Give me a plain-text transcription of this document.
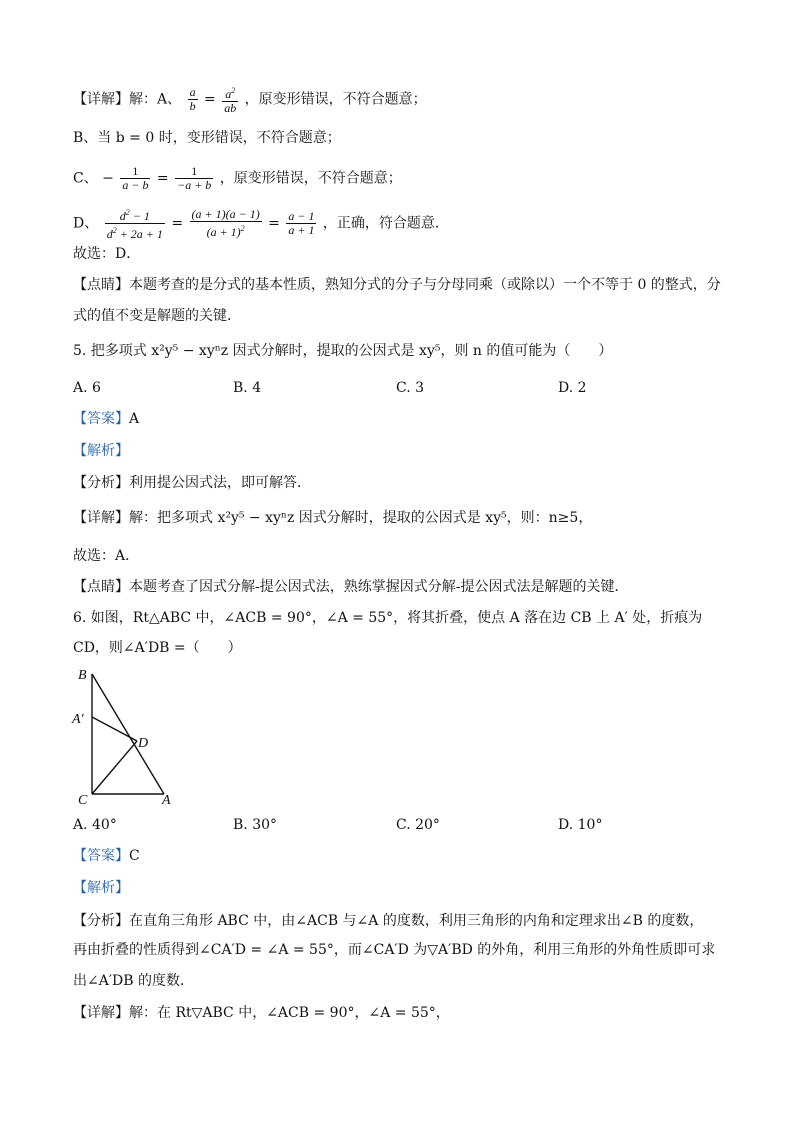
【详解】解：A、 $\frac{a}{b} = \frac{a^2}{ab}$ ，原变形错误，不符合题意；
B、当 b = 0 时，变形错误，不符合题意；
C、 − $\frac{1}{a - b} = \frac{1}{-a + b}$ ，原变形错误，不符合题意；
D、 $\frac{d^2 - 1}{d^2 + 2a + 1} = \frac{(a + 1)(a - 1)}{(a + 1)^2} = \frac{a - 1}{a + 1}$ ，正确，符合题意．
故选：D．
【点睛】本题考查的是分式的基本性质，熟知分式的分子与分母同乘（或除以）一个不等于 0 的整式，分
式的值不变是解题的关键．
5. 把多项式 x²y⁵ − xyⁿz 因式分解时，提取的公因式是 xy⁵，则 n 的值可能为（　　）
A. 6	B. 4	C. 3	D. 2
【答案】A
【解析】
【分析】利用提公因式法，即可解答．
【详解】解：把多项式 x²y⁵ − xyⁿz 因式分解时，提取的公因式是 xy⁵，则：n≥5，
故选：A．
【点睛】本题考查了因式分解-提公因式法，熟练掌握因式分解-提公因式法是解题的关键．
6. 如图，Rt△ABC 中，∠ACB = 90°，∠A = 55°，将其折叠，使点 A 落在边 CB 上 A′ 处，折痕为
CD，则∠A′DB =（　　）
B
A′
D
C	A
A. 40°	B. 30°	C. 20°	D. 10°
【答案】C
【解析】
【分析】在直角三角形 ABC 中，由∠ACB 与∠A 的度数，利用三角形的内角和定理求出∠B 的度数，
再由折叠的性质得到∠CA′D = ∠A = 55°，而∠CA′D 为▽A′BD 的外角，利用三角形的外角性质即可求
出∠A′DB 的度数．
【详解】解：在 Rt▽ABC 中，∠ACB = 90°，∠A = 55°，
